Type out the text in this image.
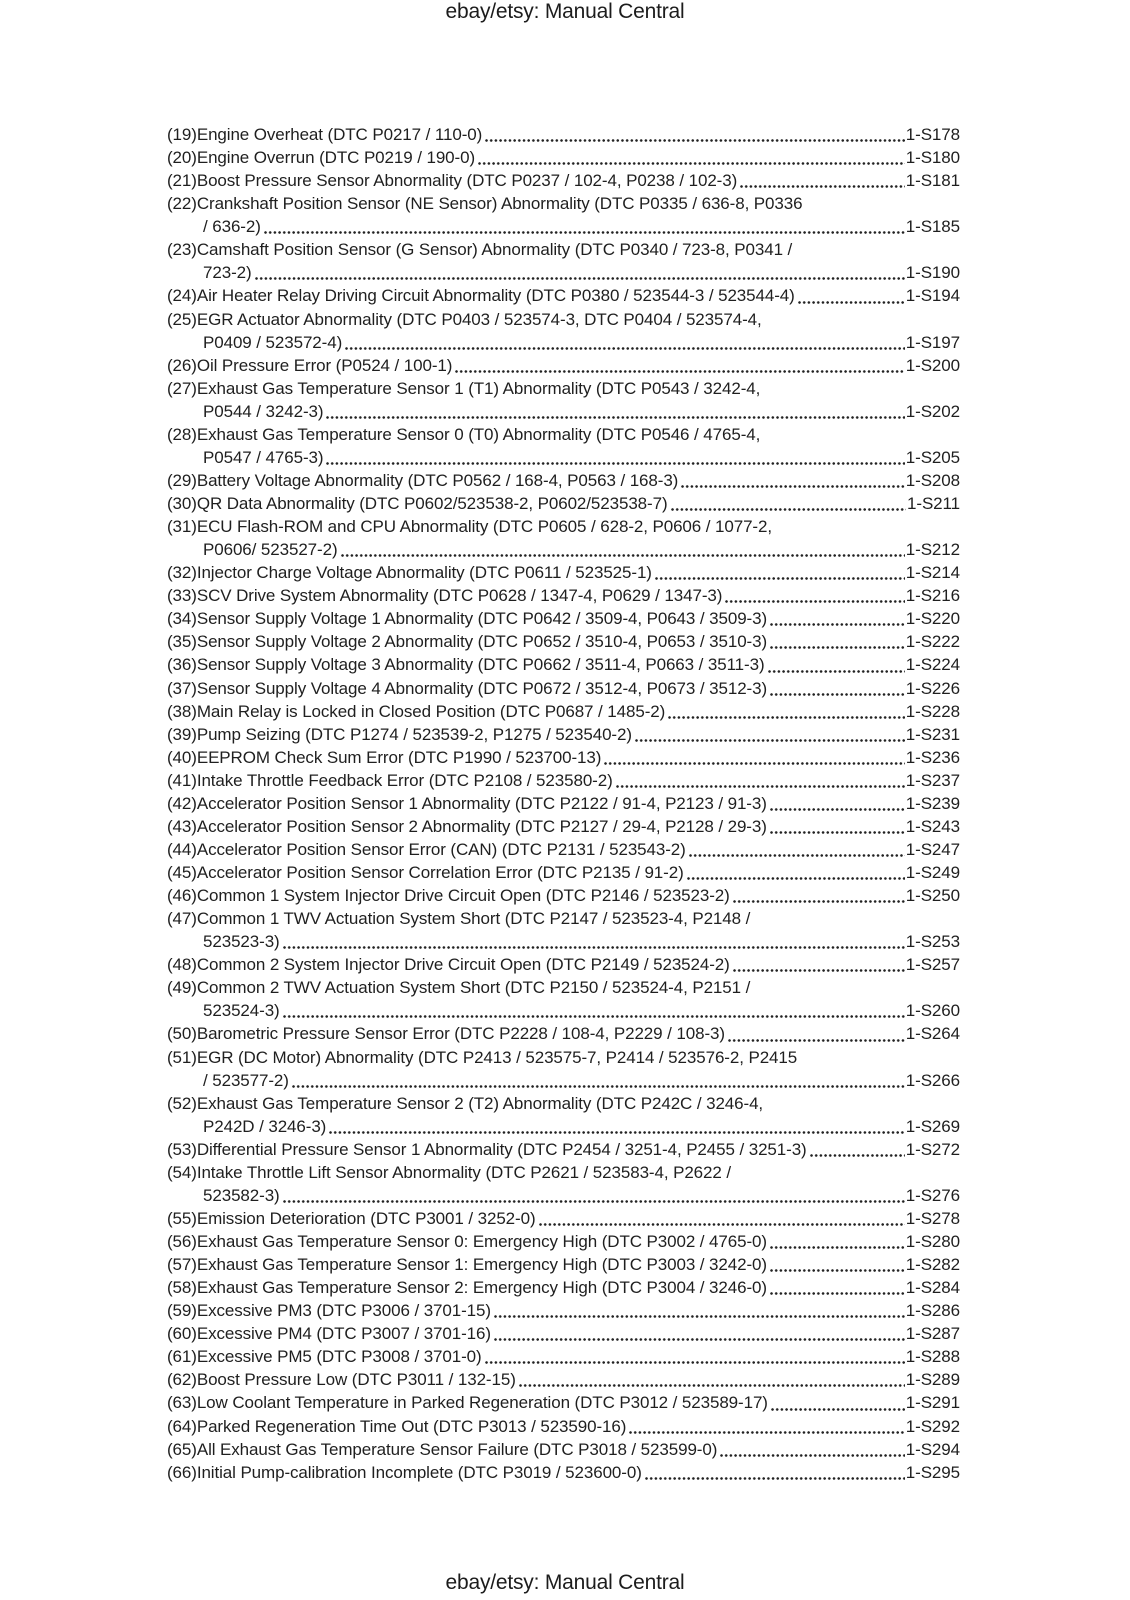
ebay/etsy: Manual Central
(19)Engine Overheat (DTC P0217 / 110-0)	1-S178
(20)Engine Overrun (DTC P0219 / 190-0)	1-S180
(21)Boost Pressure Sensor Abnormality (DTC P0237 / 102-4, P0238 / 102-3)	1-S181
(22)Crankshaft Position Sensor (NE Sensor) Abnormality (DTC P0335 / 636-8, P0336
/ 636-2)	1-S185
(23)Camshaft Position Sensor (G Sensor) Abnormality (DTC P0340 / 723-8, P0341 /
723-2)	1-S190
(24)Air Heater Relay Driving Circuit Abnormality (DTC P0380 / 523544-3 / 523544-4)	1-S194
(25)EGR Actuator Abnormality (DTC P0403 / 523574-3, DTC P0404 / 523574-4,
P0409 / 523572-4)	1-S197
(26)Oil Pressure Error (P0524 / 100-1)	1-S200
(27)Exhaust Gas Temperature Sensor 1 (T1) Abnormality (DTC P0543 / 3242-4,
P0544 / 3242-3)	1-S202
(28)Exhaust Gas Temperature Sensor 0 (T0) Abnormality (DTC P0546 / 4765-4,
P0547 / 4765-3)	1-S205
(29)Battery Voltage Abnormality (DTC P0562 / 168-4, P0563 / 168-3)	1-S208
(30)QR Data Abnormality (DTC P0602/523538-2, P0602/523538-7)	1-S211
(31)ECU Flash-ROM and CPU Abnormality (DTC P0605 / 628-2, P0606 / 1077-2,
P0606/ 523527-2)	1-S212
(32)Injector Charge Voltage Abnormality (DTC P0611 / 523525-1)	1-S214
(33)SCV Drive System Abnormality (DTC P0628 / 1347-4, P0629 / 1347-3)	1-S216
(34)Sensor Supply Voltage 1 Abnormality (DTC P0642 / 3509-4, P0643 / 3509-3)	1-S220
(35)Sensor Supply Voltage 2 Abnormality (DTC P0652 / 3510-4, P0653 / 3510-3)	1-S222
(36)Sensor Supply Voltage 3 Abnormality (DTC P0662 / 3511-4, P0663 / 3511-3)	1-S224
(37)Sensor Supply Voltage 4 Abnormality (DTC P0672 / 3512-4, P0673 / 3512-3)	1-S226
(38)Main Relay is Locked in Closed Position (DTC P0687 / 1485-2)	1-S228
(39)Pump Seizing (DTC P1274 / 523539-2, P1275 / 523540-2)	1-S231
(40)EEPROM Check Sum Error (DTC P1990 / 523700-13)	1-S236
(41)Intake Throttle Feedback Error (DTC P2108 / 523580-2)	1-S237
(42)Accelerator Position Sensor 1 Abnormality (DTC P2122 / 91-4, P2123 / 91-3)	1-S239
(43)Accelerator Position Sensor 2 Abnormality (DTC P2127 / 29-4, P2128 / 29-3)	1-S243
(44)Accelerator Position Sensor Error (CAN) (DTC P2131 / 523543-2)	1-S247
(45)Accelerator Position Sensor Correlation Error (DTC P2135 / 91-2)	1-S249
(46)Common 1 System Injector Drive Circuit Open (DTC P2146 / 523523-2)	1-S250
(47)Common 1 TWV Actuation System Short (DTC P2147 / 523523-4, P2148 /
523523-3)	1-S253
(48)Common 2 System Injector Drive Circuit Open (DTC P2149 / 523524-2)	1-S257
(49)Common 2 TWV Actuation System Short (DTC P2150 / 523524-4, P2151 /
523524-3)	1-S260
(50)Barometric Pressure Sensor Error (DTC P2228 / 108-4, P2229 / 108-3)	1-S264
(51)EGR (DC Motor) Abnormality (DTC P2413 / 523575-7, P2414 / 523576-2, P2415
/ 523577-2)	1-S266
(52)Exhaust Gas Temperature Sensor 2 (T2) Abnormality (DTC P242C / 3246-4,
P242D / 3246-3)	1-S269
(53)Differential Pressure Sensor 1 Abnormality (DTC P2454 / 3251-4, P2455 / 3251-3)	1-S272
(54)Intake Throttle Lift Sensor Abnormality (DTC P2621 / 523583-4, P2622 /
523582-3)	1-S276
(55)Emission Deterioration (DTC P3001 / 3252-0)	1-S278
(56)Exhaust Gas Temperature Sensor 0: Emergency High (DTC P3002 / 4765-0)	1-S280
(57)Exhaust Gas Temperature Sensor 1: Emergency High (DTC P3003 / 3242-0)	1-S282
(58)Exhaust Gas Temperature Sensor 2: Emergency High (DTC P3004 / 3246-0)	1-S284
(59)Excessive PM3 (DTC P3006 / 3701-15)	1-S286
(60)Excessive PM4 (DTC P3007 / 3701-16)	1-S287
(61)Excessive PM5 (DTC P3008 / 3701-0)	1-S288
(62)Boost Pressure Low (DTC P3011 / 132-15)	1-S289
(63)Low Coolant Temperature in Parked Regeneration (DTC P3012 / 523589-17)	1-S291
(64)Parked Regeneration Time Out (DTC P3013 / 523590-16)	1-S292
(65)All Exhaust Gas Temperature Sensor Failure (DTC P3018 / 523599-0)	1-S294
(66)Initial Pump-calibration Incomplete (DTC P3019 / 523600-0)	1-S295
ebay/etsy: Manual Central
